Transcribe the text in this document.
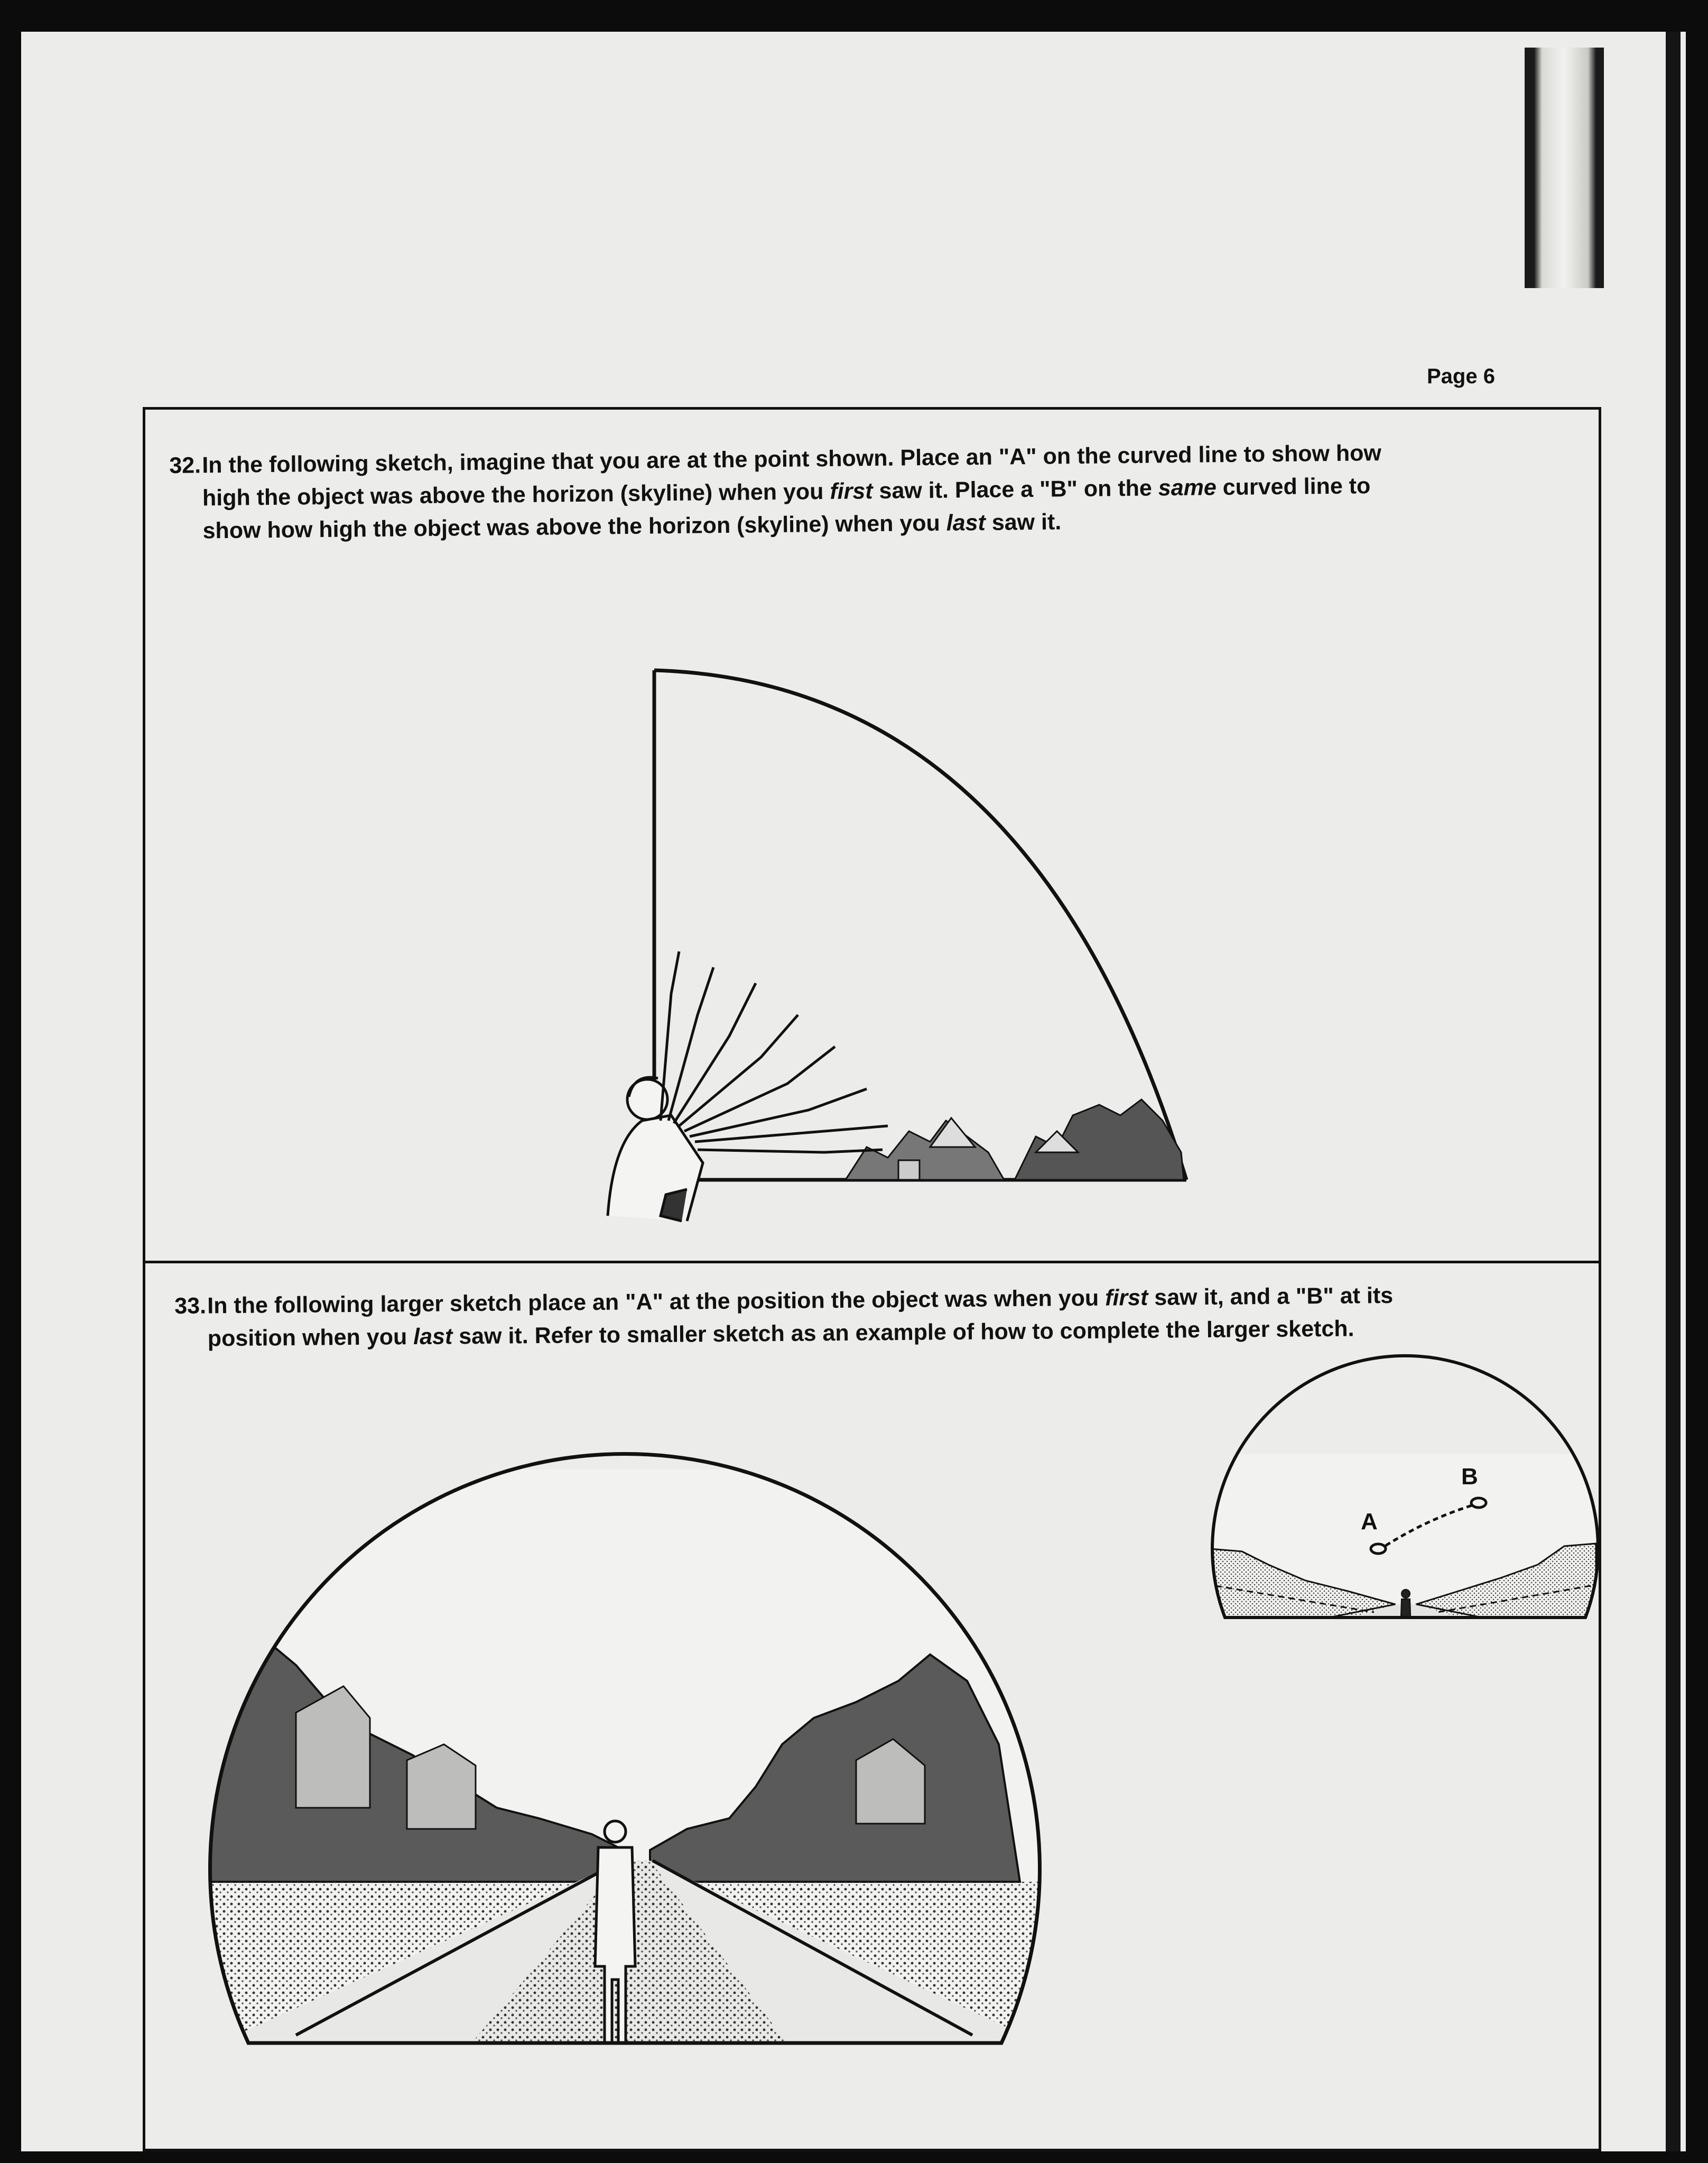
Page 6
32. In the following sketch, imagine that you are at the point shown. Place an "A" on the curved line to show how
high the object was above the horizon (skyline) when you first saw it. Place a "B" on the same curved line to
show how high the object was above the horizon (skyline) when you last saw it.
33. In the following larger sketch place an "A" at the position the object was when you first saw it, and a "B" at its
position when you last saw it. Refer to smaller sketch as an example of how to complete the larger sketch.
A
B
